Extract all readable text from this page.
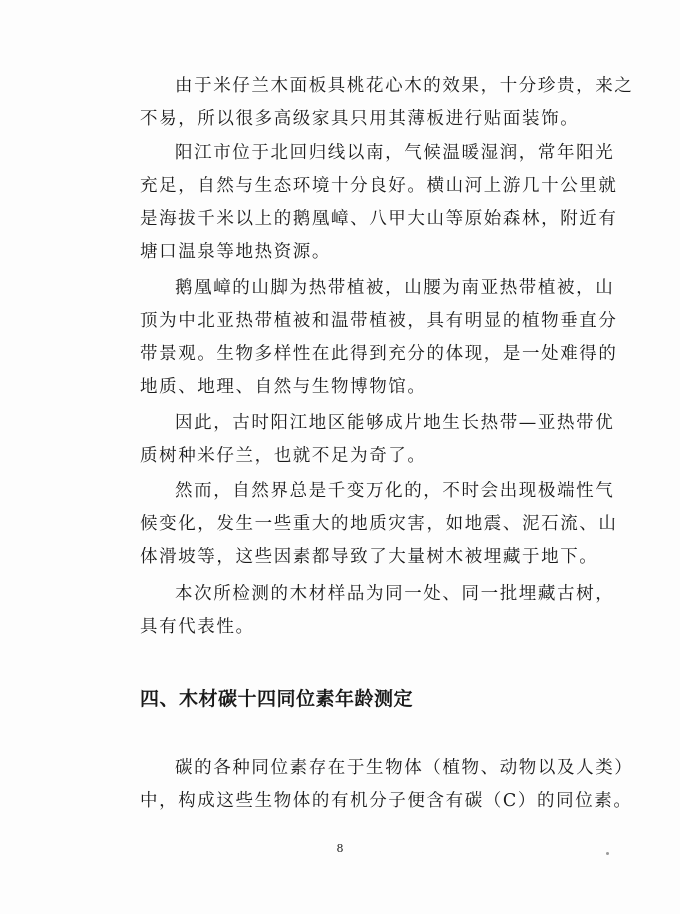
由于米仔兰木面板具桃花心木的效果，十分珍贵，来之
不易，所以很多高级家具只用其薄板进行贴面装饰。

阳江市位于北回归线以南，气候温暖湿润，常年阳光
充足，自然与生态环境十分良好。横山河上游几十公里就
是海拔千米以上的鹅凰嶂、八甲大山等原始森林，附近有
塘口温泉等地热资源。

鹅凰嶂的山脚为热带植被，山腰为南亚热带植被，山
顶为中北亚热带植被和温带植被，具有明显的植物垂直分
带景观。生物多样性在此得到充分的体现，是一处难得的
地质、地理、自然与生物博物馆。

因此，古时阳江地区能够成片地生长热带—亚热带优
质树种米仔兰，也就不足为奇了。

然而，自然界总是千变万化的，不时会出现极端性气
候变化，发生一些重大的地质灾害，如地震、泥石流、山
体滑坡等，这些因素都导致了大量树木被埋藏于地下。

本次所检测的木材样品为同一处、同一批埋藏古树，
具有代表性。

四、木材碳十四同位素年龄测定

碳的各种同位素存在于生物体（植物、动物以及人类）
中，构成这些生物体的有机分子便含有碳（C）的同位素。

8
